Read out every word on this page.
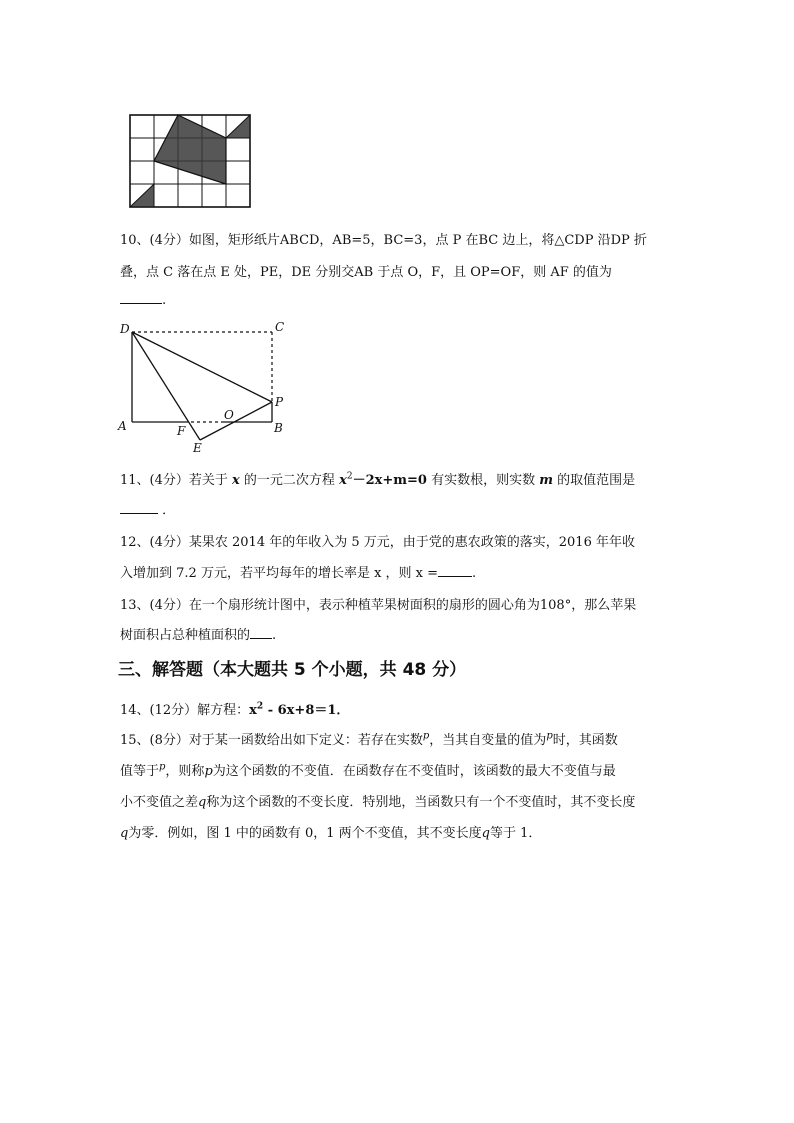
10、(4分）如图，矩形纸片ABCD，AB=5，BC=3，点 P 在BC 边上，将△CDP 沿DP 折
叠，点 C 落在点 E 处，PE，DE 分别交AB 于点 O，F，且 OP=OF，则 AF 的值为
.
D	C
A	F
O
B
P
E
11、(4分）若关于 x 的一元二次方程 $x^2-2x+m=0$ 有实数根，则实数 m 的取值范围是
．
12、(4分）某果农 2014 年的年收入为 5 万元，由于党的惠农政策的落实，2016 年年收
入增加到 7.2 万元，若平均每年的增长率是 x ，则 x =	.
13、(4分）在一个扇形统计图中，表示种植苹果树面积的扇形的圆心角为108°，那么苹果
树面积占总种植面积的 .
三、解答题（本大题共 5 个小题，共 48 分）
14、(12分）解方程：$x^2 - 6x+8=1$．
15、(8分）对于某一函数给出如下定义：若存在实数$^p$，当其自变量的值为$^p$时，其函数
值等于$^p$，则称p为这个函数的不变值．在函数存在不变值时，该函数的最大不变值与最
小不变值之差q称为这个函数的不变长度．特别地，当函数只有一个不变值时，其不变长度
q为零．例如，图 1 中的函数有 0，1 两个不变值，其不变长度q等于 1．
